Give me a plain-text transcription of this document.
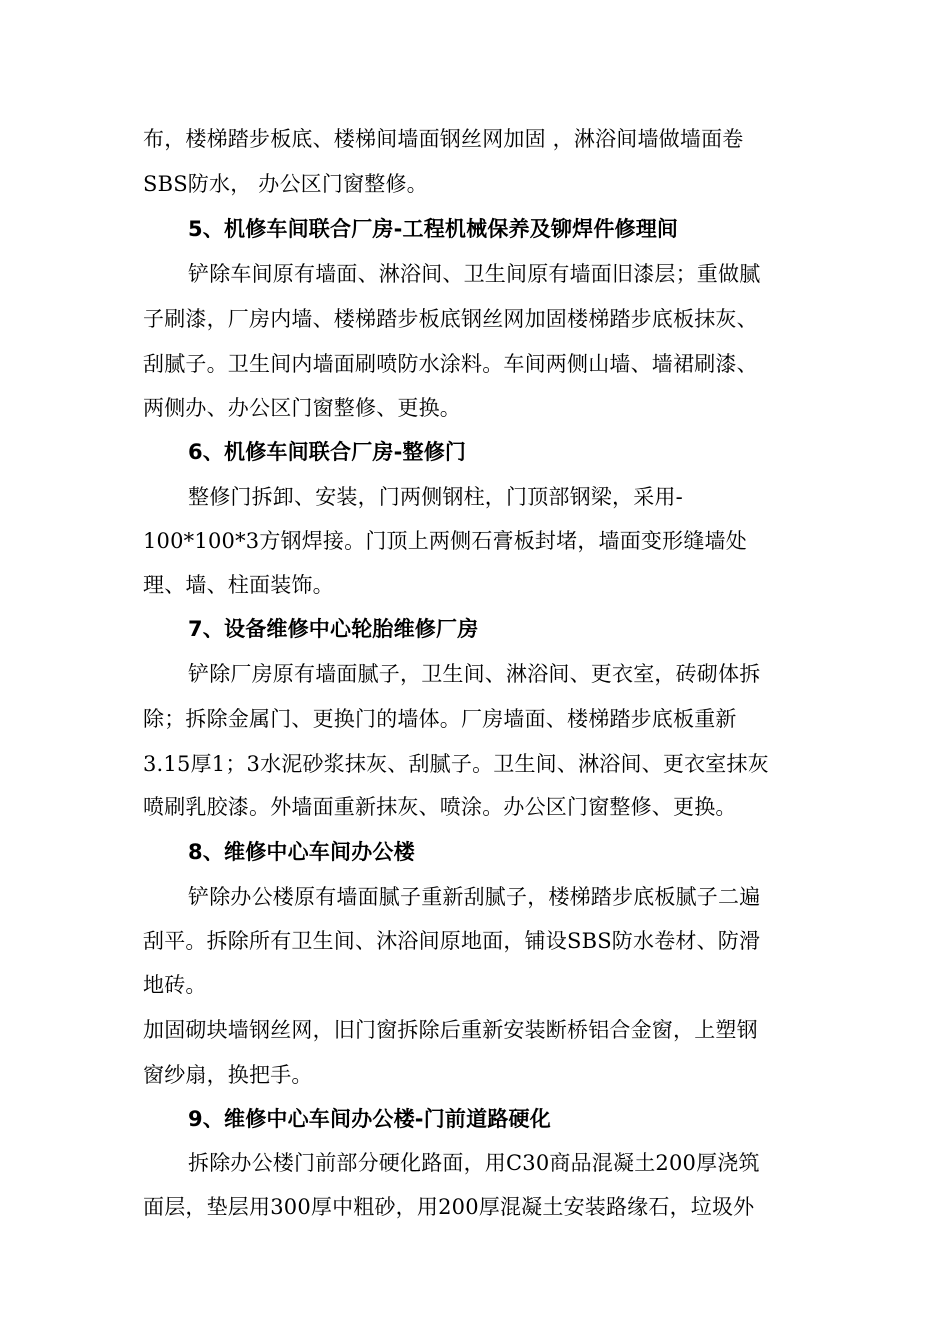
布，楼梯踏步板底、楼梯间墙面钢丝网加固 ，淋浴间墙做墙面卷
SBS防水， 办公区门窗整修。
5、机修车间联合厂房-工程机械保养及铆焊件修理间
铲除车间原有墙面、淋浴间、卫生间原有墙面旧漆层；重做腻
子刷漆，厂房内墙、楼梯踏步板底钢丝网加固楼梯踏步底板抹灰、
刮腻子。卫生间内墙面刷喷防水涂料。车间两侧山墙、墙裙刷漆、
两侧办、办公区门窗整修、更换。
6、机修车间联合厂房-整修门
整修门拆卸、安装，门两侧钢柱，门顶部钢梁，采用-
100*100*3方钢焊接。门顶上两侧石膏板封堵，墙面变形缝墙处
理、墙、柱面装饰。
7、设备维修中心轮胎维修厂房
铲除厂房原有墙面腻子，卫生间、淋浴间、更衣室，砖砌体拆
除；拆除金属门、更换门的墙体。厂房墙面、楼梯踏步底板重新
3.15厚1；3水泥砂浆抹灰、刮腻子。卫生间、淋浴间、更衣室抹灰
喷刷乳胶漆。外墙面重新抹灰、喷涂。办公区门窗整修、更换。
8、维修中心车间办公楼
铲除办公楼原有墙面腻子重新刮腻子，楼梯踏步底板腻子二遍
刮平。拆除所有卫生间、沐浴间原地面，铺设SBS防水卷材、防滑
地砖。
加固砌块墙钢丝网，旧门窗拆除后重新安装断桥铝合金窗，上塑钢
窗纱扇，换把手。
9、维修中心车间办公楼-门前道路硬化
拆除办公楼门前部分硬化路面，用C30商品混凝土200厚浇筑
面层，垫层用300厚中粗砂，用200厚混凝土安装路缘石，垃圾外
